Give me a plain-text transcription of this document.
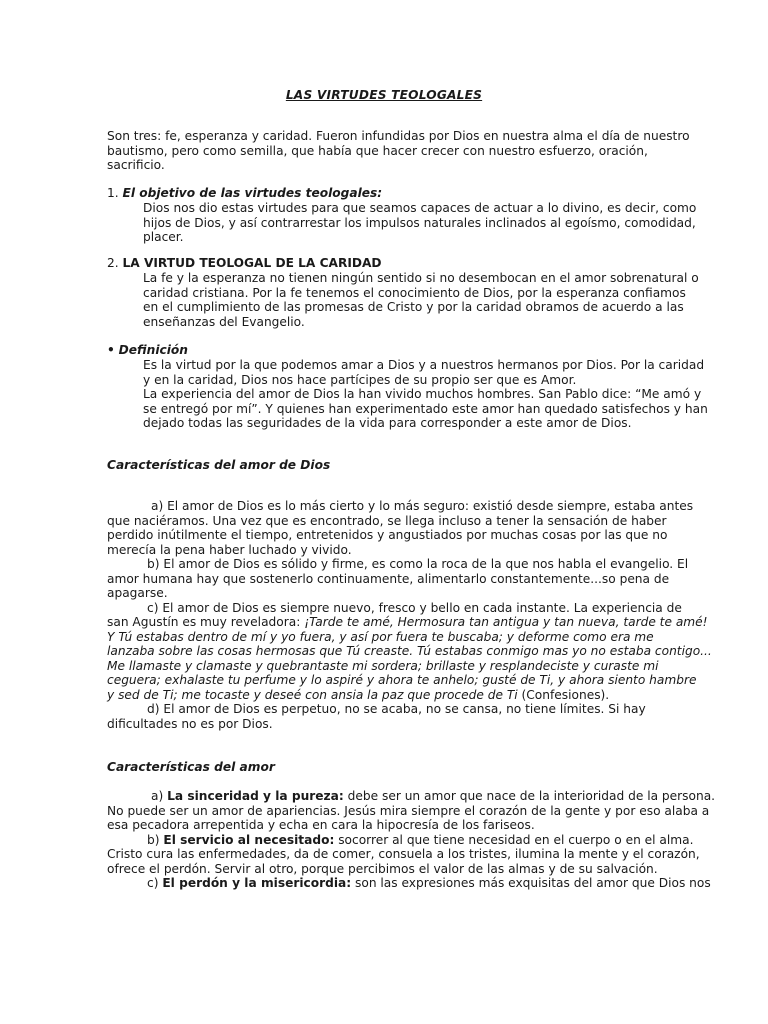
LAS VIRTUDES TEOLOGALES
Son tres: fe, esperanza y caridad. Fueron infundidas por Dios en nuestra alma el día de nuestro
bautismo, pero como semilla, que había que hacer crecer con nuestro esfuerzo, oración,
sacrificio.
1. El objetivo de las virtudes teologales:
Dios nos dio estas virtudes para que seamos capaces de actuar a lo divino, es decir, como
hijos de Dios, y así contrarrestar los impulsos naturales inclinados al egoísmo, comodidad,
placer.
2. LA VIRTUD TEOLOGAL DE LA CARIDAD
La fe y la esperanza no tienen ningún sentido si no desembocan en el amor sobrenatural o
caridad cristiana. Por la fe tenemos el conocimiento de Dios, por la esperanza confiamos
en el cumplimiento de las promesas de Cristo y por la caridad obramos de acuerdo a las
enseñanzas del Evangelio.
• Definición
Es la virtud por la que podemos amar a Dios y a nuestros hermanos por Dios. Por la caridad
y en la caridad, Dios nos hace partícipes de su propio ser que es Amor.
La experiencia del amor de Dios la han vivido muchos hombres. San Pablo dice: “Me amó y
se entregó por mí”. Y quienes han experimentado este amor han quedado satisfechos y han
dejado todas las seguridades de la vida para corresponder a este amor de Dios.
Características del amor de Dios
a) El amor de Dios es lo más cierto y lo más seguro: existió desde siempre, estaba antes
que naciéramos. Una vez que es encontrado, se llega incluso a tener la sensación de haber
perdido inútilmente el tiempo, entretenidos y angustiados por muchas cosas por las que no
merecía la pena haber luchado y vivido.
b) El amor de Dios es sólido y firme, es como la roca de la que nos habla el evangelio. El
amor humana hay que sostenerlo continuamente, alimentarlo constantemente...so pena de
apagarse.
c) El amor de Dios es siempre nuevo, fresco y bello en cada instante. La experiencia de
san Agustín es muy reveladora: ¡Tarde te amé, Hermosura tan antigua y tan nueva, tarde te amé!
Y Tú estabas dentro de mí y yo fuera, y así por fuera te buscaba; y deforme como era me
lanzaba sobre las cosas hermosas que Tú creaste. Tú estabas conmigo mas yo no estaba contigo...
Me llamaste y clamaste y quebrantaste mi sordera; brillaste y resplandeciste y curaste mi
ceguera; exhalaste tu perfume y lo aspiré y ahora te anhelo; gusté de Ti, y ahora siento hambre
y sed de Ti; me tocaste y deseé con ansia la paz que procede de Ti (Confesiones).
d) El amor de Dios es perpetuo, no se acaba, no se cansa, no tiene límites. Si hay
dificultades no es por Dios.
Características del amor
a) La sinceridad y la pureza: debe ser un amor que nace de la interioridad de la persona.
No puede ser un amor de apariencias. Jesús mira siempre el corazón de la gente y por eso alaba a
esa pecadora arrepentida y echa en cara la hipocresía de los fariseos.
b) El servicio al necesitado: socorrer al que tiene necesidad en el cuerpo o en el alma.
Cristo cura las enfermedades, da de comer, consuela a los tristes, ilumina la mente y el corazón,
ofrece el perdón. Servir al otro, porque percibimos el valor de las almas y de su salvación.
c) El perdón y la misericordia: son las expresiones más exquisitas del amor que Dios nos
